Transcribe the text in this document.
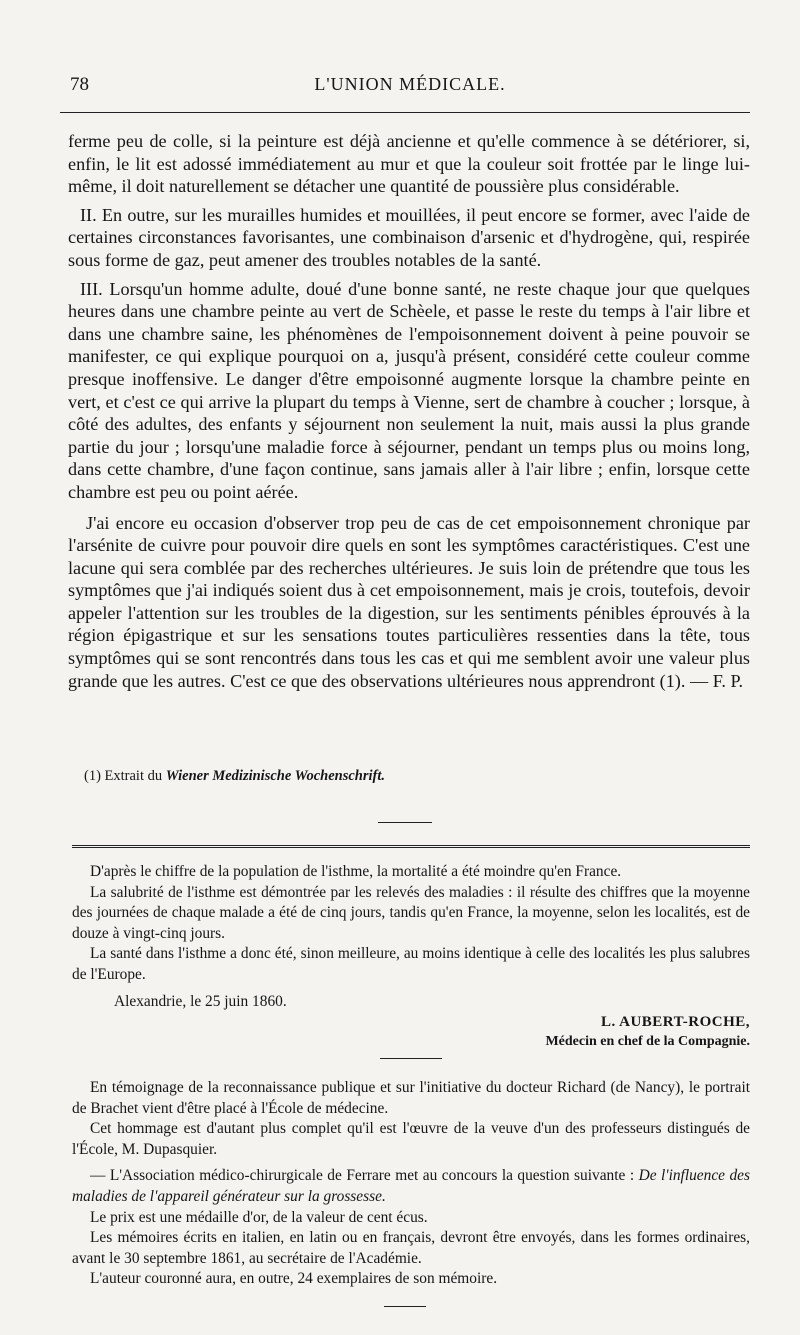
78	L'UNION MÉDICALE.

ferme peu de colle, si la peinture est déjà ancienne et qu'elle commence à se détériorer, si, enfin, le lit est adossé immédiatement au mur et que la couleur soit frottée par le linge lui-même, il doit naturellement se détacher une quantité de poussière plus considérable.

II. En outre, sur les murailles humides et mouillées, il peut encore se former, avec l'aide de certaines circonstances favorisantes, une combinaison d'arsenic et d'hydrogène, qui, respirée sous forme de gaz, peut amener des troubles notables de la santé.

III. Lorsqu'un homme adulte, doué d'une bonne santé, ne reste chaque jour que quelques heures dans une chambre peinte au vert de Schèele, et passe le reste du temps à l'air libre et dans une chambre saine, les phénomènes de l'empoisonnement doivent à peine pouvoir se manifester, ce qui explique pourquoi on a, jusqu'à présent, considéré cette couleur comme presque inoffensive. Le danger d'être empoisonné augmente lorsque la chambre peinte en vert, et c'est ce qui arrive la plupart du temps à Vienne, sert de chambre à coucher ; lorsque, à côté des adultes, des enfants y séjournent non seulement la nuit, mais aussi la plus grande partie du jour ; lorsqu'une maladie force à séjourner, pendant un temps plus ou moins long, dans cette chambre, d'une façon continue, sans jamais aller à l'air libre ; enfin, lorsque cette chambre est peu ou point aérée.

J'ai encore eu occasion d'observer trop peu de cas de cet empoisonnement chronique par l'arsénite de cuivre pour pouvoir dire quels en sont les symptômes caractéristiques. C'est une lacune qui sera comblée par des recherches ultérieures. Je suis loin de prétendre que tous les symptômes que j'ai indiqués soient dus à cet empoisonnement, mais je crois, toutefois, devoir appeler l'attention sur les troubles de la digestion, sur les sentiments pénibles éprouvés à la région épigastrique et sur les sensations toutes particulières ressenties dans la tête, tous symptômes qui se sont rencontrés dans tous les cas et qui me semblent avoir une valeur plus grande que les autres. C'est ce que des observations ultérieures nous apprendront (1). — F. P.

(1) Extrait du Wiener Medizinische Wochenschrift.

D'après le chiffre de la population de l'isthme, la mortalité a été moindre qu'en France.

La salubrité de l'isthme est démontrée par les relevés des maladies : il résulte des chiffres que la moyenne des journées de chaque malade a été de cinq jours, tandis qu'en France, la moyenne, selon les localités, est de douze à vingt-cinq jours.

La santé dans l'isthme a donc été, sinon meilleure, au moins identique à celle des localités les plus salubres de l'Europe.

Alexandrie, le 25 juin 1860.

L. AUBERT-ROCHE,
Médecin en chef de la Compagnie.

En témoignage de la reconnaissance publique et sur l'initiative du docteur Richard (de Nancy), le portrait de Brachet vient d'être placé à l'École de médecine.

Cet hommage est d'autant plus complet qu'il est l'œuvre de la veuve d'un des professeurs distingués de l'École, M. Dupasquier.

— L'Association médico-chirurgicale de Ferrare met au concours la question suivante : De l'influence des maladies de l'appareil générateur sur la grossesse.

Le prix est une médaille d'or, de la valeur de cent écus.

Les mémoires écrits en italien, en latin ou en français, devront être envoyés, dans les formes ordinaires, avant le 30 septembre 1861, au secrétaire de l'Académie.

L'auteur couronné aura, en outre, 24 exemplaires de son mémoire.
